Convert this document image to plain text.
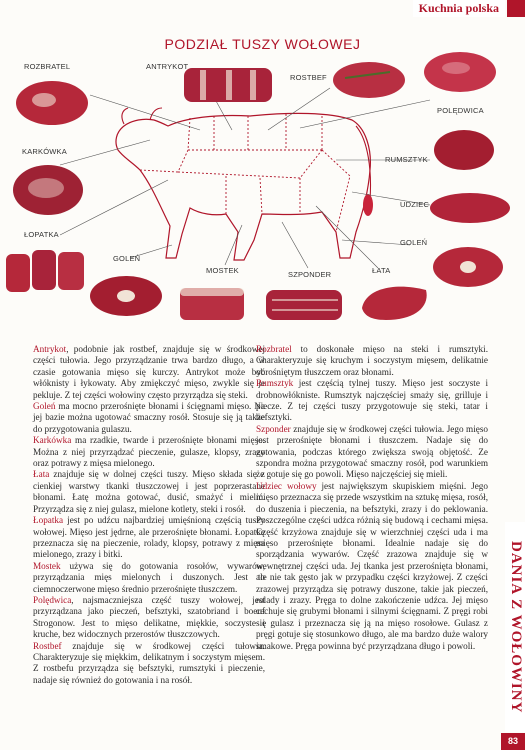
Kuchnia polska
PODZIAŁ TUSZY WOŁOWEJ
ROZBRATEL	ANTRYKOT
ROSTBEF
POLĘDWICA
KARKÓWKA
RUMSZTYK
UDZIEC
ŁOPATKA
GOLEŃ
GOLEŃ
MOSTEK	SZPONDER	ŁATA

Antrykot, podobnie jak rostbef, znajduje się w środkowej części tułowia. Jego przyrządzanie trwa bardzo długo, a w czasie gotowania mięso się kurczy. Antrykot może być włóknisty i łykowaty. Aby zmiękczyć mięso, zwykle się je pekluje. Z tej części wołowiny często przyrządza się steki.

Goleń ma mocno przerośnięte błonami i ścięgnami mięso. Na jej bazie można ugotować smaczny rosół. Stosuje się ją także do przygotowania gulaszu.

Karkówka ma rzadkie, twarde i przerośnięte błonami mięso. Można z niej przyrządzać pieczenie, gulasze, klopsy, zrazy oraz potrawy z mięsa mielonego.

Łata znajduje się w dolnej części tuszy. Mięso składa się z cienkiej warstwy tkanki tłuszczowej i jest poprzerastane błonami. Łatę można gotować, dusić, smażyć i mielić. Przyrządza się z niej gulasz, mielone kotlety, steki i rosół.

Łopatka jest po udźcu najbardziej umięśnioną częścią tuszy wołowej. Mięso jest jędrne, ale przerośnięte błonami. Łopatkę przeznacza się na pieczenie, rolady, klopsy, potrawy z mięsa mielonego, zrazy i bitki.

Mostek używa się do gotowania rosołów, wywarów, przyrządzania mięs mielonych i duszonych. Jest to ciemnoczerwone mięso średnio przerośnięte tłuszczem.

Polędwica, najsmaczniejsza część tuszy wołowej, jest przyrządzana jako pieczeń, befsztyki, szatobriand i boeuf Strogonow. Jest to mięso delikatne, miękkie, soczyste i kruche, bez widocznych przerostów tłuszczowych.

Rostbef znajduje się w środkowej części tułowia. Charakteryzuje się miękkim, delikatnym i soczystym mięsem. Z rostbefu przyrządza się befsztyki, rumsztyki i pieczenie, nadaje się również do gotowania i na rosół.

Rozbratel to doskonałe mięso na steki i rumsztyki. Charakteryzuje się kruchym i soczystym mięsem, delikatnie obrośniętym tłuszczem oraz błonami.

Rumsztyk jest częścią tylnej tuszy. Mięso jest soczyste i drobnowłókniste. Rumsztyk najczęściej smaży się, grilluje i piecze. Z tej części tuszy przygotowuje się steki, tatar i befsztyki.

Szponder znajduje się w środkowej części tułowia. Jego mięso jest przerośnięte błonami i tłuszczem. Nadaje się do gotowania, podczas którego zwiększa swoją objętość. Ze szpondra można przygotować smaczny rosół, pod warunkiem że gotuje się go powoli. Mięso najczęściej się mieli.

Udziec wołowy jest największym skupiskiem mięśni. Jego mięso przeznacza się przede wszystkim na sztukę mięsa, rosół, do duszenia i pieczenia, na befsztyki, zrazy i do peklowania. Poszczególne części udźca różnią się budową i cechami mięsa. Część krzyżowa znajduje się w wierzchniej części uda i ma mięso przerośnięte błonami. Idealnie nadaje się do sporządzania wywarów. Część zrazowa znajduje się w wewnętrznej części uda. Jej tkanka jest przerośnięta błonami, ale nie tak gęsto jak w przypadku części krzyżowej. Z części zrazowej przyrządza się potrawy duszone, takie jak pieczeń, rolady i zrazy. Pręga to dolne zakończenie udźca. Jej mięso cechuje się grubymi błonami i silnymi ścięgnami. Z pręgi robi się gulasz i przeznacza się ją na mięso rosołowe. Gulasz z pręgi gotuje się stosunkowo długo, ale ma bardzo duże walory smakowe. Pręga powinna być przyrządzana długo i powoli.	DANIA Z WOŁOWINY
83
